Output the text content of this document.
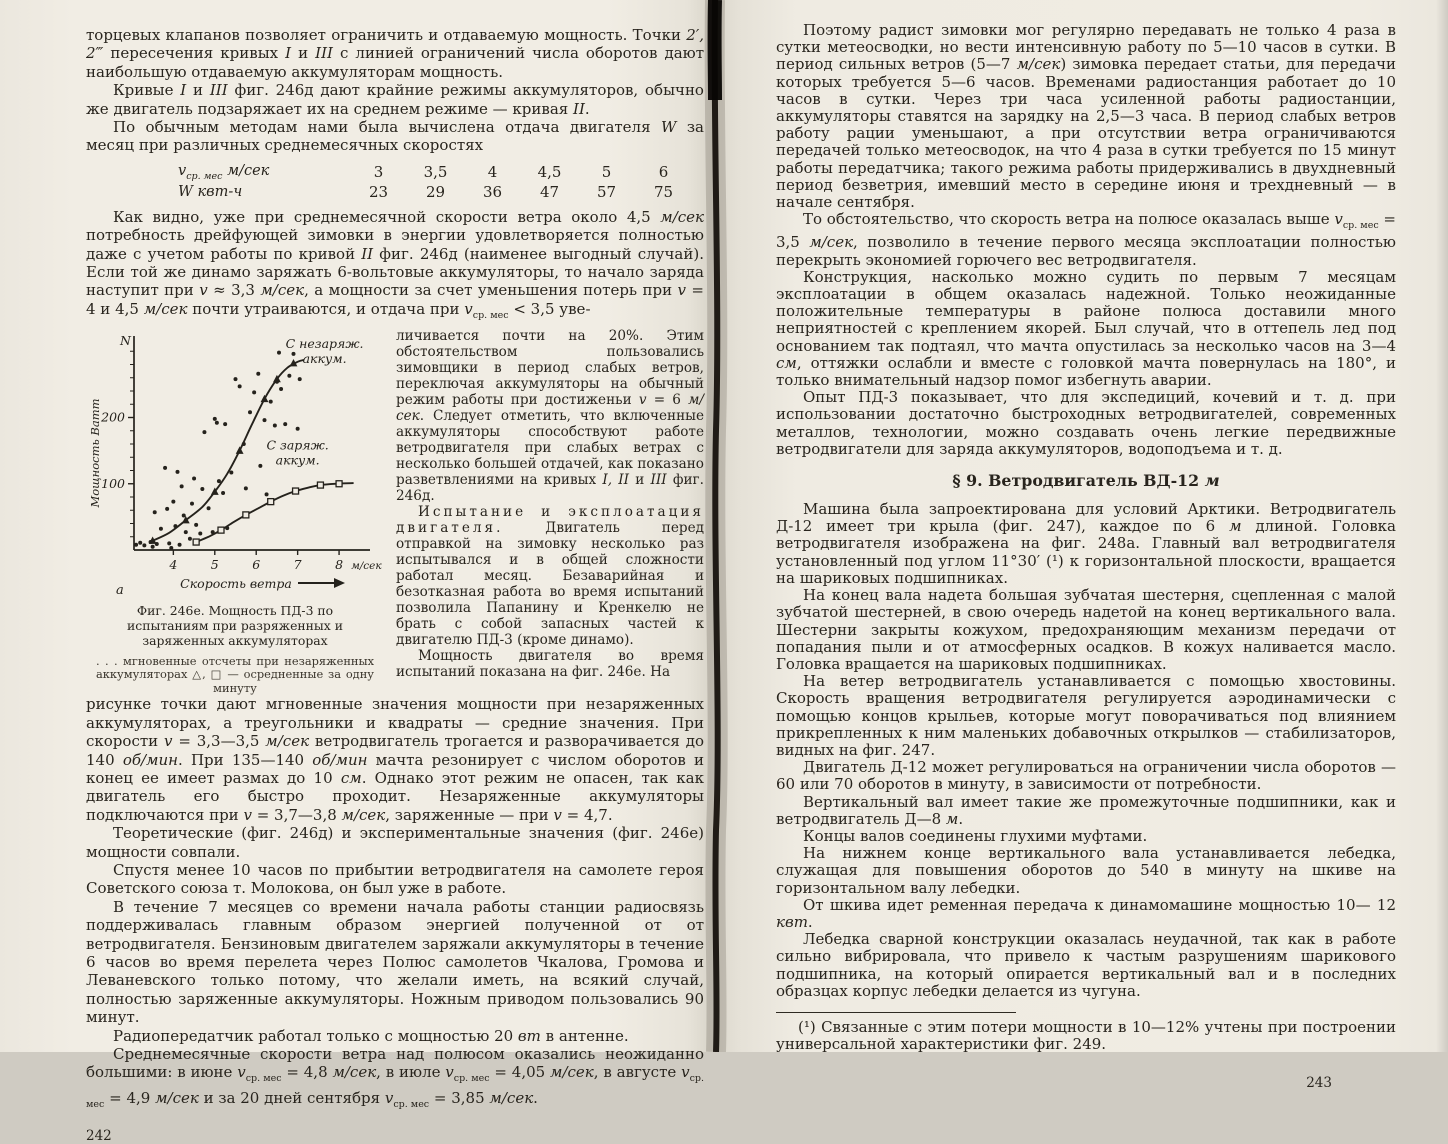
торцевых клапанов позволяет ограничить и отдаваемую мощность. Точки 2′, 2‴ пересечения кривых I и III с линией ограничений числа оборотов дают наибольшую отдаваемую аккумуляторам мощность.

Кривые I и III фиг. 246д дают крайние режимы аккумуляторов, обычно же двигатель подзаряжает их на среднем режиме — кривая II.

По обычным методам нами была вычислена отдача двигателя W за месяц при различных среднемесячных скоростях

$v_{ср. мес}$ м/сек	3	3,5	4	4,5	5	6
W квт-ч	23	29	36	47	57	75

Как видно, уже при среднемесячной скорости ветра около 4,5 м/сек потребность дрейфующей зимовки в энергии удовлетворяется полностью даже с учетом работы по кривой II фиг. 246д (наименее выгодный случай). Если той же динамо заряжать 6-вольтовые аккумуляторы, то начало заряда наступит при v ≈ 3,3 м/сек, а мощности за счет уменьшения потерь при v = 4 и 4,5 м/сек почти утраиваются, и отдача при $v_{ср. мес} < 3,5$ уве-

100
200
4	5	6	7	8 м/сек
N
а
Мощность Ватт
Скорость ветра
С незаряж.
аккум.
С заряж.
аккум.
Фиг. 246е. Мощность ПД-3 по испытаниям при разряженных и заряженных аккумуляторах
. . . мгновенные отсчеты при незаряженных аккумуляторах △, □ — осредненные за одну минуту

личивается почти на 20%. Этим обстоятельством пользовались зимовщики в период слабых ветров, переключая аккумуляторы на обычный режим работы при достиженьи v = 6 м/сек. Следует отметить, что включенные аккумуляторы способствуют работе ветродвигателя при слабых ветрах с несколько большей отдачей, как показано разветвлениями на кривых I, II и III фиг. 246д.

Испытание и эксплоатация двигателя. Двигатель перед отправкой на зимовку несколько раз испытывался и в общей сложности работал месяц. Безаварийная и безотказная работа во время испытаний позволила Папанину и Кренкелю не брать с собой запасных частей к двигателю ПД-3 (кроме динамо).

Мощность двигателя во время испытаний показана на фиг. 246е. На

рисунке точки дают мгновенные значения мощности при незаряженных аккумуляторах, а треугольники и квадраты — средние значения. При скорости v = 3,3—3,5 м/сек ветродвигатель трогается и разворачивается до 140 об/мин. При 135—140 об/мин мачта резонирует с числом оборотов и конец ее имеет размах до 10 см. Однако этот режим не опасен, так как двигатель его быстро проходит. Незаряженные аккумуляторы подключаются при v = 3,7—3,8 м/сек, заряженные — при v = 4,7.

Теоретические (фиг. 246д) и экспериментальные значения (фиг. 246е) мощности совпали.

Спустя менее 10 часов по прибытии ветродвигателя на самолете героя Советского союза т. Молокова, он был уже в работе.

В течение 7 месяцев со времени начала работы станции радиосвязь поддерживалась главным образом энергией полученной от от ветродвигателя. Бензиновым двигателем заряжали аккумуляторы в течение 6 часов во время перелета через Полюс самолетов Чкалова, Громова и Леваневского только потому, что желали иметь, на всякий случай, полностью заряженные аккумуляторы. Ножным приводом пользовались 90 минут.

Радиопередатчик работал только с мощностью 20 вт в антенне.

Среднемесячные скорости ветра над полюсом оказались неожиданно большими: в июне $v_{ср. мес} = 4,8$ м/сек, в июле $v_{ср. мес} = 4,05$ м/сек, в августе $v_{ср. мес} = 4,9$ м/сек и за 20 дней сентября $v_{ср. мес} = 3,85$ м/сек.

242

Поэтому радист зимовки мог регулярно передавать не только 4 раза в сутки метеосводки, но вести интенсивную работу по 5—10 часов в сутки. В период сильных ветров (5—7 м/сек) зимовка передает статьи, для передачи которых требуется 5—6 часов. Временами радиостанция работает до 10 часов в сутки. Через три часа усиленной работы радиостанции, аккумуляторы ставятся на зарядку на 2,5—3 часа. В период слабых ветров работу рации уменьшают, а при отсутствии ветра ограничиваются передачей только метеосводок, на что 4 раза в сутки требуется по 15 минут работы передатчика; такого режима работы придерживались в двухдневный период безветрия, имевший место в середине июня и трехдневный — в начале сентября.

То обстоятельство, что скорость ветра на полюсе оказалась выше $v_{ср. мес} = 3,5$ м/сек, позволило в течение первого месяца эксплоатации полностью перекрыть экономией горючего вес ветродвигателя.

Конструкция, насколько можно судить по первым 7 месяцам эксплоатации в общем оказалась надежной. Только неожиданные положительные температуры в районе полюса доставили много неприятностей с креплением якорей. Был случай, что в оттепель лед под основанием так подтаял, что мачта опустилась за несколько часов на 3—4 см, оттяжки ослабли и вместе с головкой мачта повернулась на 180°, и только внимательный надзор помог избегнуть аварии.

Опыт ПД-3 показывает, что для экспедиций, кочевий и т. д. при использовании достаточно быстроходных ветродвигателей, современных металлов, технологии, можно создавать очень легкие передвижные ветродвигатели для заряда аккумуляторов, водоподъема и т. д.

§ 9. Ветродвигатель ВД-12 м

Машина была запроектирована для условий Арктики. Ветродвигатель Д-12 имеет три крыла (фиг. 247), каждое по 6 м длиной. Головка ветродвигателя изображена на фиг. 248а. Главный вал ветродвигателя установленный под углом 11°30′ (¹) к горизонтальной плоскости, вращается на шариковых подшипниках.

На конец вала надета большая зубчатая шестерня, сцепленная с малой зубчатой шестерней, в свою очередь надетой на конец вертикального вала. Шестерни закрыты кожухом, предохраняющим механизм передачи от попадания пыли и от атмосферных осадков. В кожух наливается масло. Головка вращается на шариковых подшипниках.

На ветер ветродвигатель устанавливается с помощью хвостовины. Скорость вращения ветродвигателя регулируется аэродинамически с помощью концов крыльев, которые могут поворачиваться под влиянием прикрепленных к ним маленьких добавочных открылков — стабилизаторов, видных на фиг. 247.

Двигатель Д-12 может регулироваться на ограничении числа оборотов — 60 или 70 оборотов в минуту, в зависимости от потребности.

Вертикальный вал имеет такие же промежуточные подшипники, как и ветродвигатель Д—8 м.

Концы валов соединены глухими муфтами.

На нижнем конце вертикального вала устанавливается лебедка, служащая для повышения оборотов до 540 в минуту на шкиве на горизонтальном валу лебедки.

От шкива идет ременная передача к динамомашине мощностью 10— 12 квт.

Лебедка сварной конструкции оказалась неудачной, так как в работе сильно вибрировала, что привело к частым разрушениям шарикового подшипника, на который опирается вертикальный вал и в последних образцах корпус лебедки делается из чугуна.

(¹) Связанные с этим потери мощности в 10—12% учтены при построении универсальной характеристики фиг. 249.

243
